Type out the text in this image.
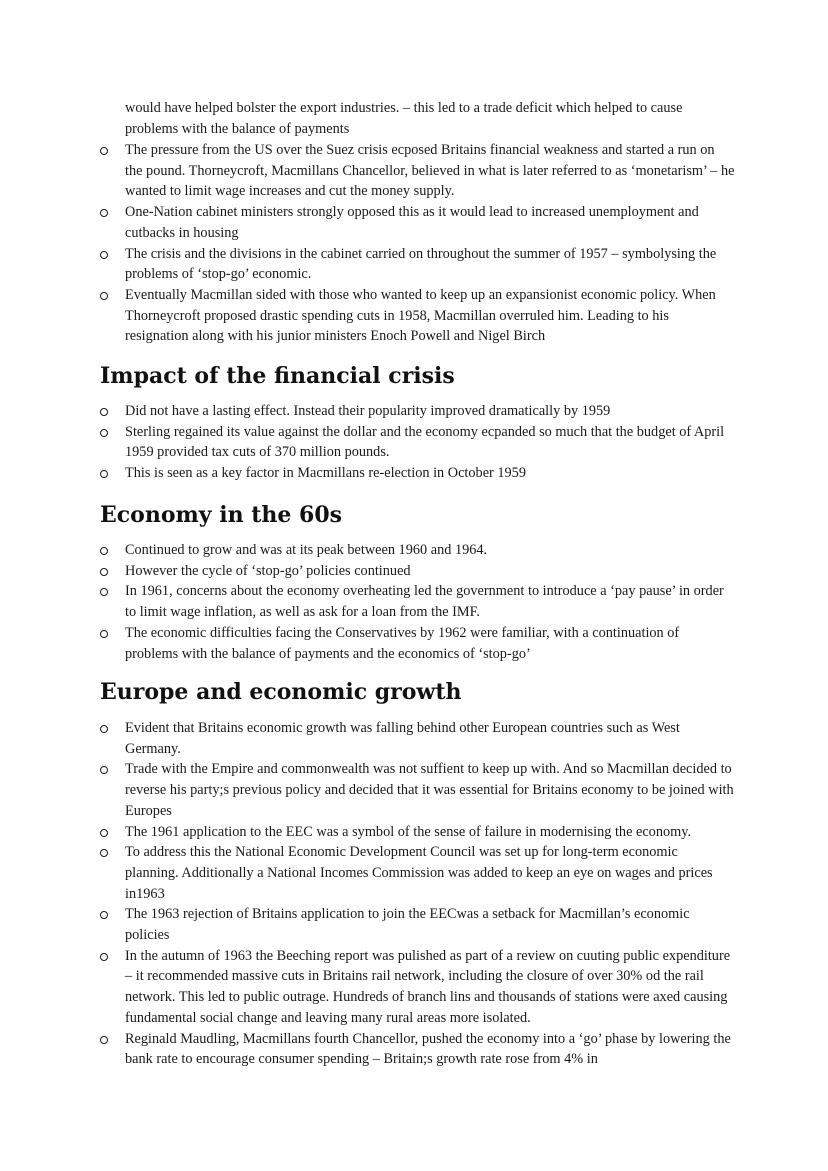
would have helped bolster the export industries. – this led to a trade deficit which helped to cause problems with the balance of payments
The pressure from the US over the Suez crisis ecposed Britains financial weakness and started a run on the pound. Thorneycroft, Macmillans Chancellor, believed in what is later referred to as ‘monetarism’ – he wanted to limit wage increases and cut the money supply.
One-Nation cabinet ministers strongly opposed this as it would lead to increased unemployment and cutbacks in housing
The crisis and the divisions in the cabinet carried on throughout the summer of 1957 – symbolysing the problems of ‘stop-go’ economic.
Eventually Macmillan sided with those who wanted to keep up an expansionist economic policy. When Thorneycroft proposed drastic spending cuts in 1958, Macmillan overruled him. Leading to his resignation along with his junior ministers Enoch Powell and Nigel Birch
Impact of the financial crisis
Did not have a lasting effect. Instead their popularity improved dramatically by 1959
Sterling regained its value against the dollar and the economy ecpanded so much that the budget of April 1959 provided tax cuts of 370 million pounds.
This is seen as a key factor in Macmillans re-election in October 1959
Economy in the 60s
Continued to grow and was at its peak between 1960 and 1964.
However the cycle of ‘stop-go’ policies continued
In 1961, concerns about the economy overheating led the government to introduce a ‘pay pause’ in order to limit wage inflation, as well as ask for a loan from the IMF.
The economic difficulties facing the Conservatives by 1962 were familiar, with a continuation of problems with the balance of payments and the economics of ‘stop-go’
Europe and economic growth
Evident that Britains economic growth was falling behind other European countries such as West Germany.
Trade with the Empire and commonwealth was not suffient to keep up with. And so Macmillan decided to reverse his party;s previous policy and decided that it was essential for Britains economy to be joined with Europes
The 1961 application to the EEC was a symbol of the sense of failure in modernising the economy.
To address this the National Economic Development Council was set up for long-term economic planning. Additionally a National Incomes Commission was added to keep an eye on wages and prices in1963
The 1963 rejection of Britains application to join the EECwas a setback for Macmillan’s economic policies
In the autumn of 1963 the Beeching report was pulished as part of a review on cuuting public expenditure – it recommended massive cuts in Britains rail network, including the closure of over 30% od the rail network. This led to public outrage. Hundreds of branch lins and thousands of stations were axed causing fundamental social change and leaving many rural areas more isolated.
Reginald Maudling, Macmillans fourth Chancellor, pushed the economy into a ‘go’ phase by lowering the bank rate to encourage consumer spending – Britain;s growth rate rose from 4% in
